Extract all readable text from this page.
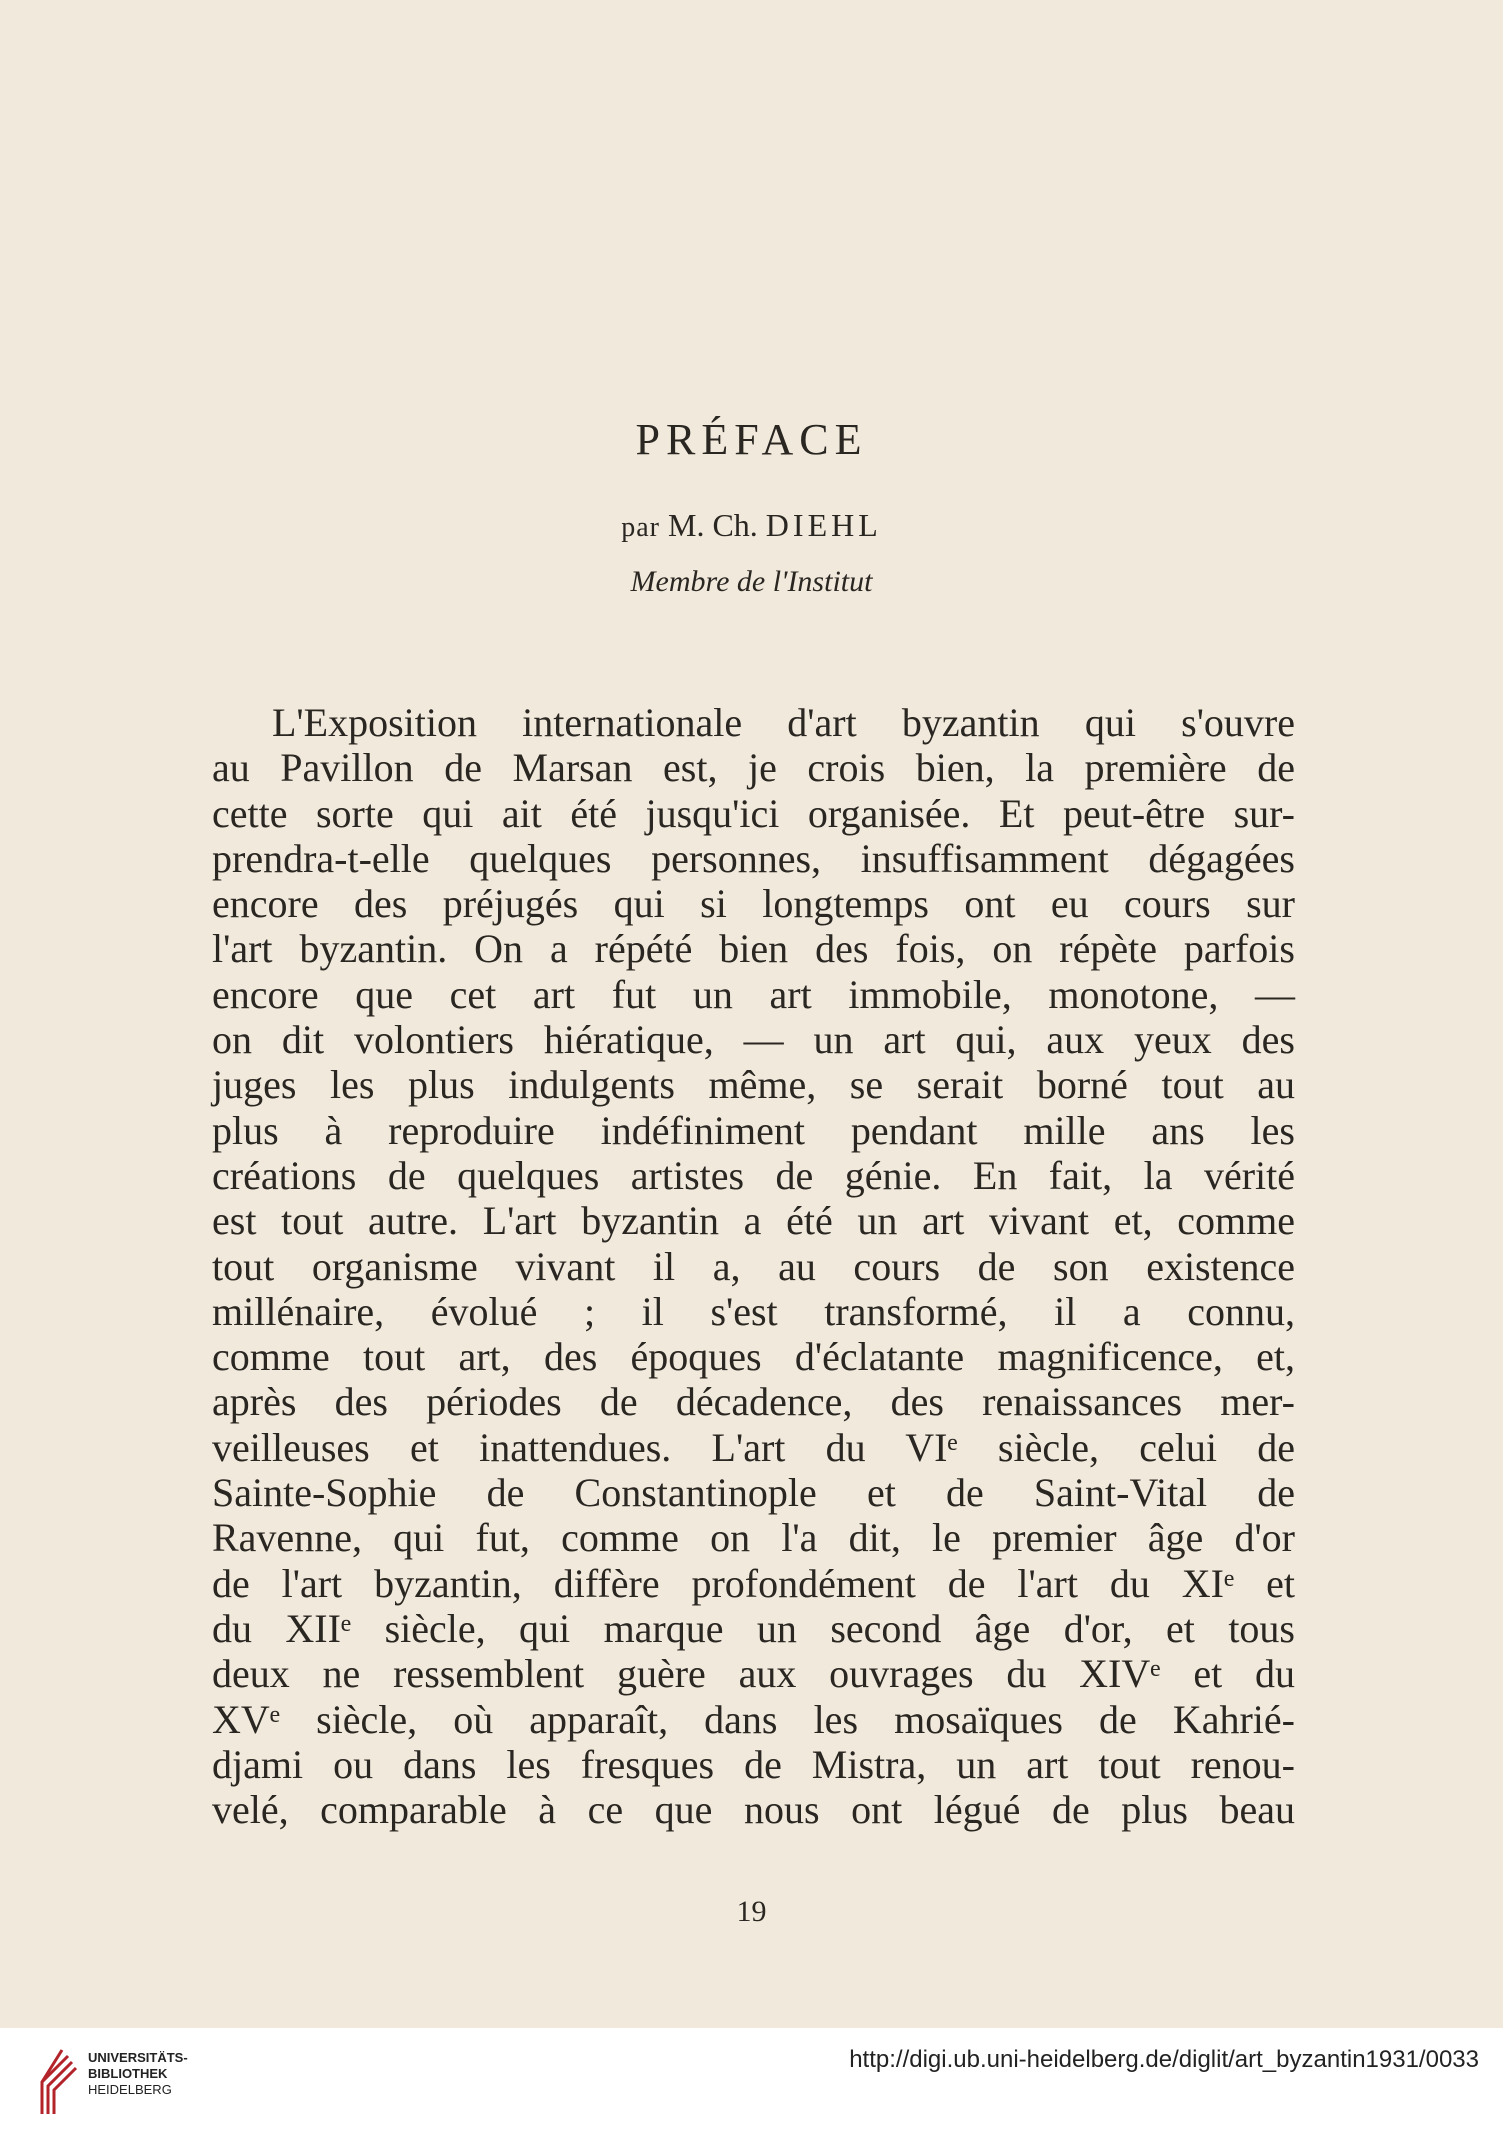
PRÉFACE
par M. Ch. DIEHL
Membre de l'Institut
L'Exposition internationale d'art byzantin qui s'ouvre
au Pavillon de Marsan est, je crois bien, la première de
cette sorte qui ait été jusqu'ici organisée. Et peut-être sur-
prendra-t-elle quelques personnes, insuffisamment dégagées
encore des préjugés qui si longtemps ont eu cours sur
l'art byzantin. On a répété bien des fois, on répète parfois
encore que cet art fut un art immobile, monotone, —
on dit volontiers hiératique, — un art qui, aux yeux des
juges les plus indulgents même, se serait borné tout au
plus à reproduire indéfiniment pendant mille ans les
créations de quelques artistes de génie. En fait, la vérité
est tout autre. L'art byzantin a été un art vivant et, comme
tout organisme vivant il a, au cours de son existence
millénaire, évolué ; il s'est transformé, il a connu,
comme tout art, des époques d'éclatante magnificence, et,
après des périodes de décadence, des renaissances mer-
veilleuses et inattendues. L'art du VIᵉ siècle, celui de
Sainte-Sophie de Constantinople et de Saint-Vital de
Ravenne, qui fut, comme on l'a dit, le premier âge d'or
de l'art byzantin, diffère profondément de l'art du XIᵉ et
du XIIᵉ siècle, qui marque un second âge d'or, et tous
deux ne ressemblent guère aux ouvrages du XIVᵉ et du
XVᵉ siècle, où apparaît, dans les mosaïques de Kahrié-
djami ou dans les fresques de Mistra, un art tout renou-
velé, comparable à ce que nous ont légué de plus beau
19
UNIVERSITÄTS-
BIBLIOTHEK
HEIDELBERG
http://digi.ub.uni-heidelberg.de/diglit/art_byzantin1931/0033
